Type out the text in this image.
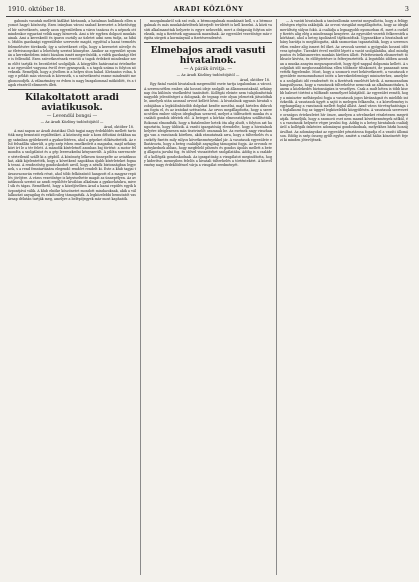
1910. október 18.	ARADI KÖZLÖNY	3

gabonás vasutak melletti kiállást kívánunk, a hatalmas hullámok ellen nyomot hagyó közösség. Ezen irányban városi szabad keresetet a lehetőséggel bír szövetkezés, amely azon egyesületben a város tanácsa és a népnek ott mindenkor egyaránt velük nagy hírnevek. Ami a tér egyben dolgozó munkásainak. Ami a kereskedő és iparos osztály az üzletet adni nem tudja, az hibás. Midőn gazdasági egyesülésbe szervezte magát, egyúttal a hazai termelés felemelésére törekszik; így a szövetkezet célja, hogy a keresetet növelje és az életviszonyokat a lehetőség szerint könnyítse. Amikor az egyesület nyomán a kereskedelem iránti bizalom ismét megerősödik, a vidék gazdasági élete is fellendül. Ezen szövetkezésnek vezetői a tagok érdekeit mindenkor szem előtt tartják és becsülettel szolgálják. A közgyűlés határozatai értelmében az egyesület vagyona évről évre gyarapszik, s a tagok száma is folyton növekszik. Reméljük, hogy a jövőben is a helyes úton halad. Kívánatos volna, hogy e példát más városok is kövessék, s a szövetkezési eszme mindenütt meghonosodjék. A választmány ez évben is nagy buzgalommal működött, és a tagok részéről elismerés illeti.

Kilakoltatott aradi aviatikusok.

— Levendül bongsi —

— Az Aradi Közlöny tudósítójától —

Arad, október 18.

A mai napon az Aradi Aviatikai Club tagjai nagy érdeklődés mellett tartották meg bemutató repülésüket. A közönség már a kora délutáni órákban nagy számban gyülekezett a gyakorlótéren, ahol a gépeket előkészítették. Az első felszállás sikerült, a gép szép ívben emelkedett a magasba, majd néhány kört írt le a tér felett. A második kísérletnél azonban baj történt: a motor felmondta a szolgálatot és a gép leereszkedni kényszerült. A pilóta szerencsére sértetlenül szállt ki a gépből. A közönség lelkesen ünnepelte az aviatikusokat, akik kijelentették, hogy a következő napokban újabb kísérleteket fognak tenni. A rendezőség gondoskodott arról, hogy a nézők biztonságban legyenek, s a rend fenntartására elegendő rendőrt rendelt ki. Este a klub tagjai társasvacsorán vettek részt, ahol több felköszöntő hangzott el a magyar repülés jövőjére. A város vezetősége is képviseltette magát az ünnepélyen. Az aviatikusok szerint az aradi repülőtér kiválóan alkalmas a gyakorlatokra, mivel sík és tágas. Remélhető, hogy a közeljövőben Arad a hazai repülés egyik központjává válik. A klub elnöke köszönetet mondott mindazoknak, akik a vállalkozást anyagilag és erkölcsileg támogatták. A legközelebbi bemutatót vasárnap délután tartják meg, amelyre a belépőjegyek már most kaphatók.

mozgalmakról sok szó esik, a bérmozgalmak munkásait kell, s a bérmozgalmak és más munkáskérdések kiterjedt területét is kell kezelni. A közti vasúti alkalmazottak helyzete is egyre nehezebb, mert a drágaság folyton növekszik, míg a fizetések ugyanazok maradnak. Az egyesület vezetősége már régóta sürgeti a kormánynál a fizetésrendezést.

Elmebajos aradi vasuti hivatalnok.

— A párák örvitja. —

— Az Aradi Közlöny tudósítójától —

Arad, október 18.

Egy fiatal vasúti hivatalnok megrendítő esete tartja izgalomban a várost. A szerencsétlen ember, aki hosszú ideje szolgált az államvasutaknál, néhány nap óta különös viselkedést tanúsított. Kollégái eleinte nem tulajdonítottak nagyobb jelentőséget a dolognak, de tegnap este olyan jelenetek játszódtak le, amelyek után azonnal orvost kellett hívni. A hivatalnok ugyanis hivatali szobájában a legkülönbözőbb dolgokat kezdte mesélni, majd hirtelen dühroham fogta el, és az iratokat szétszórta. Az orvos megállapította, hogy a szerencsétlen ember súlyos idegbajban szenved, melyet a túlfeszített munka és a családi gondok idéztek elő. A beteget a kórház elmeosztályára szállították. Rokonai elmondták, hogy a fiatalember hetek óta alig aludt, s folyton azt hangoztatta, hogy üldözik. A vasúti igazgatóság elrendelte, hogy a hivatalnok helyére ideiglenesen más tisztviselőt osszanak be. Az esetnek nagy visszhangja van a vasutasok körében, akik rámutatnak arra, hogy a túlterhelés és a csekély fizetés mily súlyos következményekkel jár. A vasutasok egyesülete elhatározta, hogy a beteg családját anyagilag támogatni fogja. Az orvosok reménykednek abban, hogy megfelelő pihenés és gondos ápolás mellett a beteg állapota javulni fog, és idővel visszatérhet szolgálatába. Addig is a családról a kollégák gondoskodnak. Az igazgatóság a vizsgálatot megindította, hogy kiderítse, mennyiben felelős a hivatali túlterhelés a történtekért. A közvélemény nagy érdeklődéssel várja a vizsgálat eredményét.

— A vasúti hivatalnok a tanúvallomás szerint megvallotta, hogy a felügyelőségen régóta zaklatják. Az orvosi vizsgálat megállapította, hogy az idegkimerültség súlyos fokú. A családja a legnagyobb nyomorban él, mert a csekély fizetés alig elég a mindennapi kenyérre. Az egyesület vezetői felkeresték a kórházat, ahol a beteg ápolásáról tájékozódtak. Ugyanekkor a hivatalnok néhány barátja is meglátogatta, akik szomorúan tapasztalták, hogy a szerencsétlen ember alig ismeri fel őket. Az orvosok szerint a gyógyulás hosszú időt vesz igénybe. Tizenkét évvel ezelőtt lépett a vasút szolgálatába, ahol mindig pontos és lelkiismeretes munkás hírében állott. Feletteseinek elismerését többször kivívta, és előléptetésre is felterjesztették. A legutóbbi időben azonban a munka annyira megszaporodott, hogy éjjel-nappal dolgoznia kellett. A szolgálati idő meghosszabbítása ellen többször tiltakozott, de panaszait nem vették figyelembe. Most, hogy a szomorú eset bekövetkezett, a vasutasok egyesülete memorandumot intéz a kereskedelemügyi miniszterhez, amelyben a szolgálati idő rendezését és a fizetések emelését kérik. A memorandum hangsúlyozza, hogy a vasutasok túlterhelése nemcsak az alkalmazottakra, hanem a közlekedés biztonságára is veszélyes. Csak a mult héten is több kisebb baleset történt a túlfáradt személyzet hibájából. Az egyesület reméli, hogy a miniszter méltányolni fogja a vasutasok jogos kívánságait és mielőbb intézkedik. A vasutasok ügyét a sajtó is melegen felkarolta, s a közvélemény is egyhangúlag a vasutasok mellett foglal állást. Arad város törvényhatósága is foglalkozni fog az üggyel legközelebbi közgyűlésén. A vasutasok szervezete országos értekezletet hív össze, amelyen a sérelmeket részletesen megvitatják. Reméljük, hogy a szomorú eset nem marad következmények nélkül, és a vasutasok helyzete végre javulni fog. Addig is a beteg hivatalnok családjáról a kollégák önkéntes adományai gondoskodnak, melyekhez bárki hozzájárulhat. Az adományokat az egyesület pénztárosa fogadja el a vasúti állomáson. Eddig is szép összeg gyűlt egybe, amiért a család hálás köszönetét fejezi ki minden jótevőjének.
